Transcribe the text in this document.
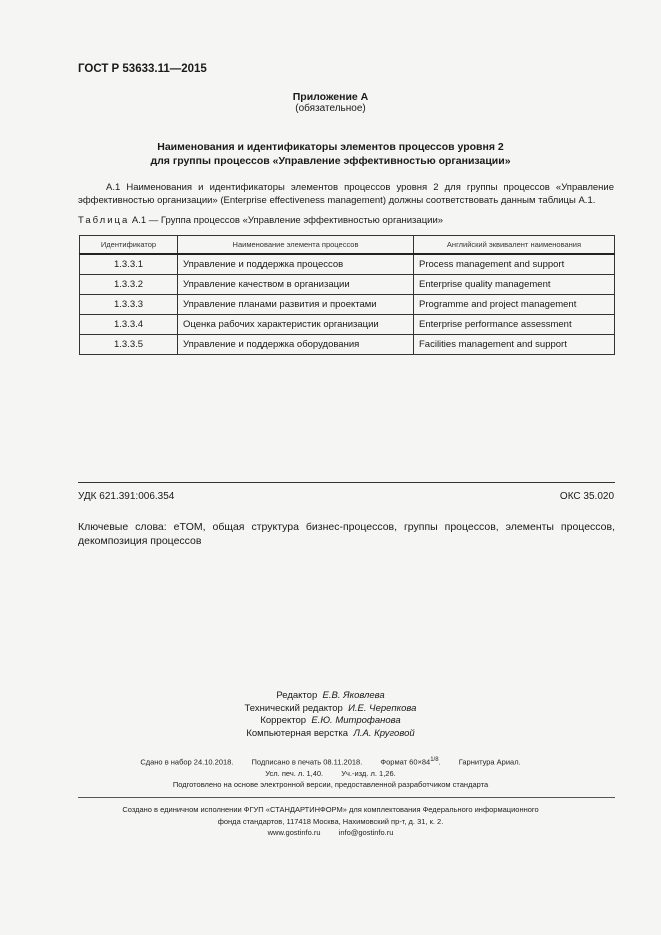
ГОСТ Р 53633.11—2015
Приложение А
(обязательное)
Наименования и идентификаторы элементов процессов уровня 2
для группы процессов «Управление эффективностью организации»
А.1 Наименования и идентификаторы элементов процессов уровня 2 для группы процессов «Управление эффективностью организации» (Enterprise effectiveness management) должны соответствовать данным таблицы А.1.
Таблица А.1 — Группа процессов «Управление эффективностью организации»
Идентификатор	Наименование элемента процессов	Английский эквивалент наименования
1.3.3.1	Управление и поддержка процессов	Process management and support
1.3.3.2	Управление качеством в организации	Enterprise quality management
1.3.3.3	Управление планами развития и проектами	Programme and project management
1.3.3.4	Оценка рабочих характеристик организации	Enterprise performance assessment
1.3.3.5	Управление и поддержка оборудования	Facilities management and support
УДК 621.391:006.354	ОКС 35.020
Ключевые слова: eTOM, общая структура бизнес-процессов, группы процессов, элементы процессов, декомпозиция процессов
Редактор Е.В. Яковлева
Технический редактор И.Е. Черепкова
Корректор Е.Ю. Митрофанова
Компьютерная верстка Л.А. Круговой
Сдано в набор 24.10.2018. Подписано в печать 08.11.2018. Формат $60\times 84^{1/8}$. Гарнитура Ариал.
Усл. печ. л. 1,40. Уч.-изд. л. 1,26.
Подготовлено на основе электронной версии, предоставленной разработчиком стандарта
Создано в единичном исполнении ФГУП «СТАНДАРТИНФОРМ» для комплектования Федерального информационного
фонда стандартов, 117418 Москва, Нахимовский пр-т, д. 31, к. 2.
www.gostinfo.ru info@gostinfo.ru
